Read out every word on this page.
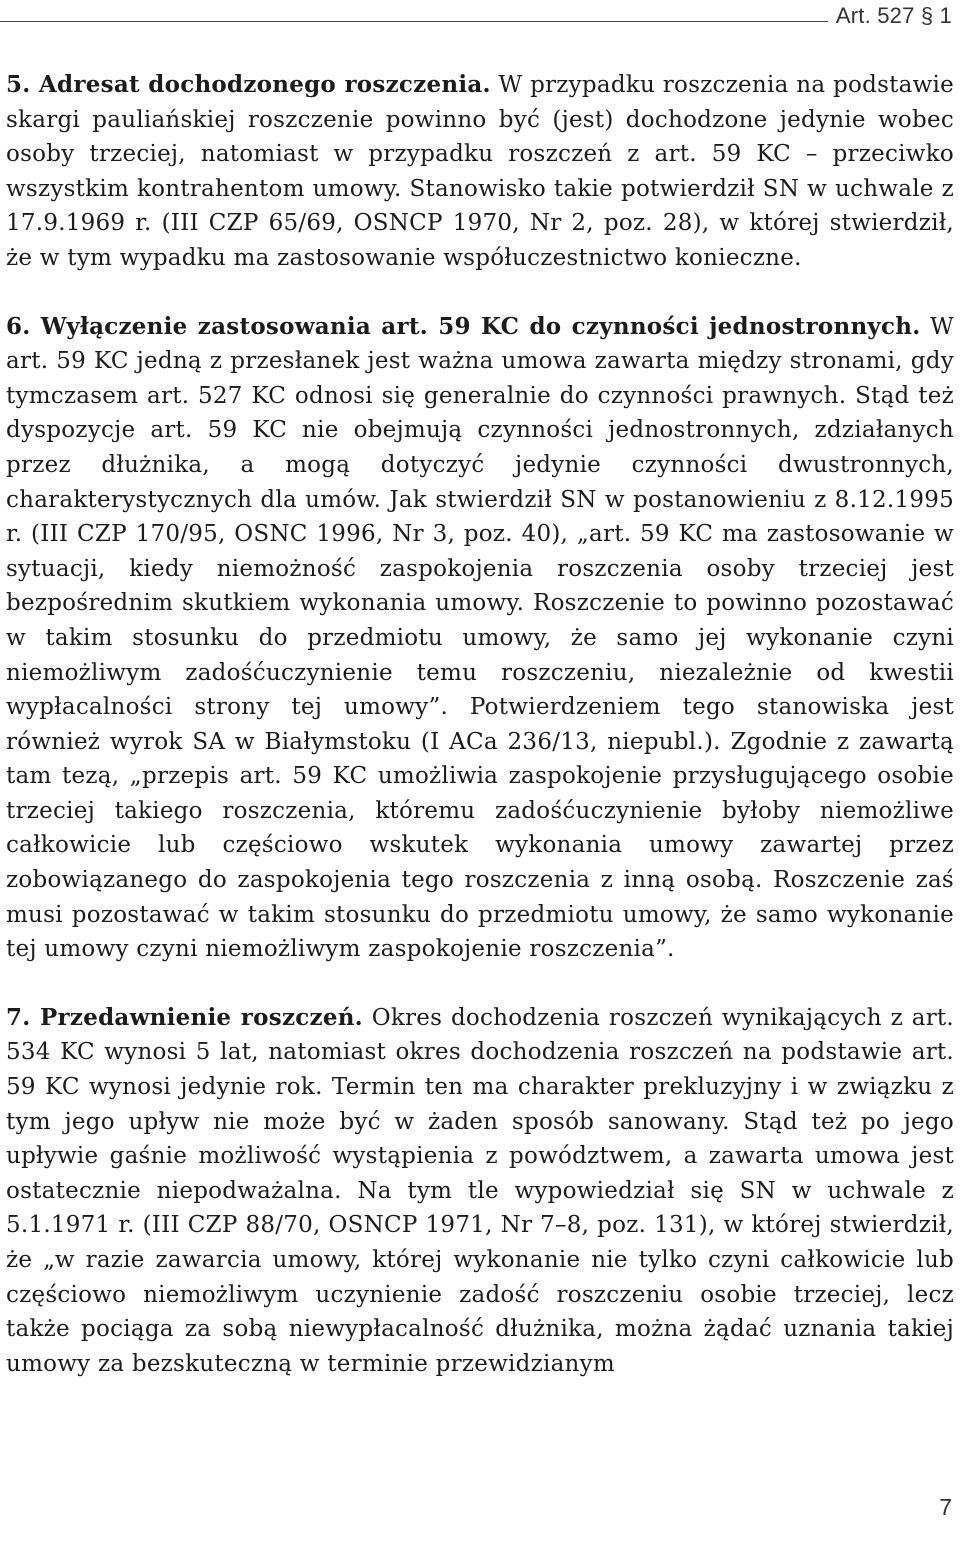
Art. 527 § 1

5. Adresat dochodzonego roszczenia. W przypadku roszczenia na podstawie skargi pauliańskiej roszczenie powinno być (jest) dochodzone jedynie wobec osoby trzeciej, natomiast w przypadku roszczeń z art. 59 KC – przeciwko wszystkim kontrahentom umowy. Stanowisko takie potwierdził SN w uchwale z 17.9.1969 r. (III CZP 65/69, OSNCP 1970, Nr 2, poz. 28), w której stwierdził, że w tym wypadku ma zastosowanie współuczestnictwo konieczne.

6. Wyłączenie zastosowania art. 59 KC do czynności jednostronnych. W art. 59 KC jedną z przesłanek jest ważna umowa zawarta między stronami, gdy tymczasem art. 527 KC odnosi się generalnie do czynności prawnych. Stąd też dyspozycje art. 59 KC nie obejmują czynności jednostronnych, zdziałanych przez dłużnika, a mogą dotyczyć jedynie czynności dwustronnych, charakterystycznych dla umów. Jak stwierdził SN w postanowieniu z 8.12.1995 r. (III CZP 170/95, OSNC 1996, Nr 3, poz. 40), „art. 59 KC ma zastosowanie w sytuacji, kiedy niemożność zaspokojenia roszczenia osoby trzeciej jest bezpośrednim skutkiem wykonania umowy. Roszczenie to powinno pozostawać w takim stosunku do przedmiotu umowy, że samo jej wykonanie czyni niemożliwym zadośćuczynienie temu roszczeniu, niezależnie od kwestii wypłacalności strony tej umowy”. Potwierdzeniem tego stanowiska jest również wyrok SA w Białymstoku (I ACa 236/13, niepubl.). Zgodnie z zawartą tam tezą, „przepis art. 59 KC umożliwia zaspokojenie przysługującego osobie trzeciej takiego roszczenia, któremu zadośćuczynienie byłoby niemożliwe całkowicie lub częściowo wskutek wykonania umowy zawartej przez zobowiązanego do zaspokojenia tego roszczenia z inną osobą. Roszczenie zaś musi pozostawać w takim stosunku do przedmiotu umowy, że samo wykonanie tej umowy czyni niemożliwym zaspokojenie roszczenia”.

7. Przedawnienie roszczeń. Okres dochodzenia roszczeń wynikających z art. 534 KC wynosi 5 lat, natomiast okres dochodzenia roszczeń na podstawie art. 59 KC wynosi jedynie rok. Termin ten ma charakter prekluzyjny i w związku z tym jego upływ nie może być w żaden sposób sanowany. Stąd też po jego upływie gaśnie możliwość wystąpienia z powództwem, a zawarta umowa jest ostatecznie niepodważalna. Na tym tle wypowiedział się SN w uchwale z 5.1.1971 r. (III CZP 88/70, OSNCP 1971, Nr 7–8, poz. 131), w której stwierdził, że „w razie zawarcia umowy, której wykonanie nie tylko czyni całkowicie lub częściowo niemożliwym uczynienie zadość roszczeniu osobie trzeciej, lecz także pociąga za sobą niewypłacalność dłużnika, można żądać uznania takiej umowy za bezskuteczną w terminie przewidzianym

7
